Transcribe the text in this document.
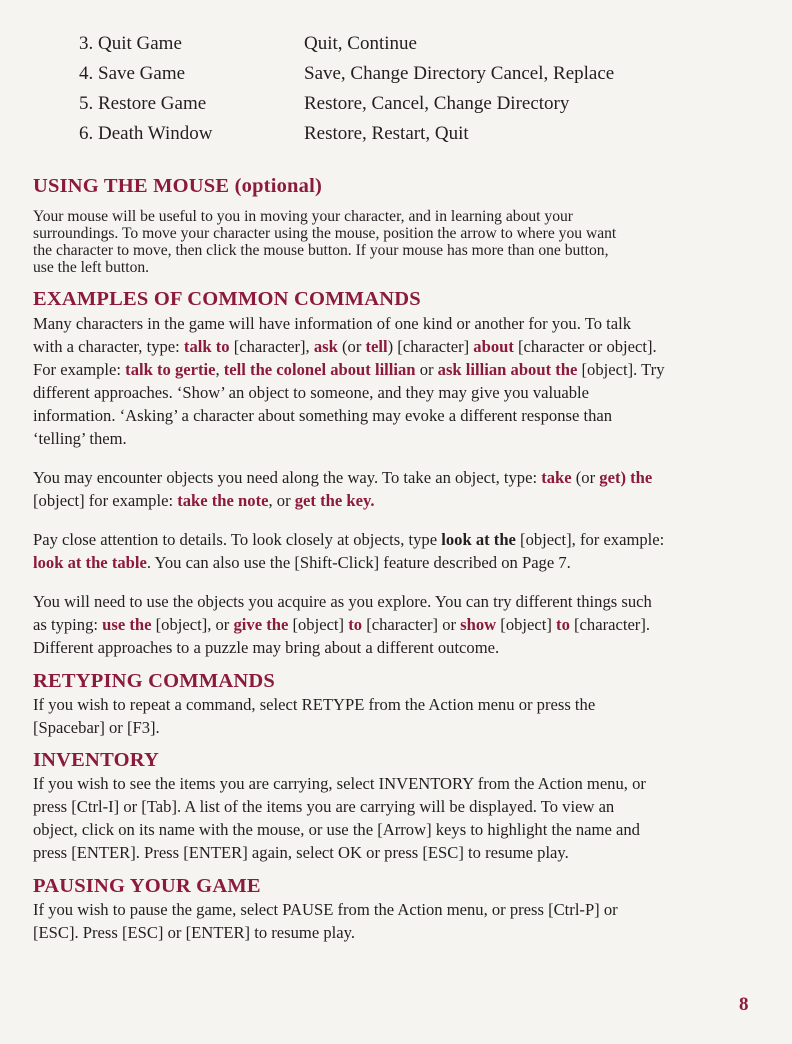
3. Quit Game	Quit, Continue
4. Save Game	Save, Change Directory Cancel, Replace
5. Restore Game	Restore, Cancel, Change Directory
6. Death Window	Restore, Restart, Quit
USING THE MOUSE (optional)

Your mouse will be useful to you in moving your character, and in learning about your
surroundings. To move your character using the mouse, position the arrow to where you want
the character to move, then click the mouse button. If your mouse has more than one button,
use the left button.

EXAMPLES OF COMMON COMMANDS

Many characters in the game will have information of one kind or another for you. To talk
with a character, type: talk to [character], ask (or tell) [character] about [character or object].
For example: talk to gertie, tell the colonel about lillian or ask lillian about the [object]. Try
different approaches. ‘Show’ an object to someone, and they may give you valuable
information. ‘Asking’ a character about something may evoke a different response than
‘telling’ them.

You may encounter objects you need along the way. To take an object, type: take (or get) the
[object] for example: take the note, or get the key.

Pay close attention to details. To look closely at objects, type look at the [object], for example:
look at the table. You can also use the [Shift-Click] feature described on Page 7.

You will need to use the objects you acquire as you explore. You can try different things such
as typing: use the [object], or give the [object] to [character] or show [object] to [character].
Different approaches to a puzzle may bring about a different outcome.

RETYPING COMMANDS

If you wish to repeat a command, select RETYPE from the Action menu or press the
[Spacebar] or [F3].

INVENTORY

If you wish to see the items you are carrying, select INVENTORY from the Action menu, or
press [Ctrl-I] or [Tab]. A list of the items you are carrying will be displayed. To view an
object, click on its name with the mouse, or use the [Arrow] keys to highlight the name and
press [ENTER]. Press [ENTER] again, select OK or press [ESC] to resume play.

PAUSING YOUR GAME

If you wish to pause the game, select PAUSE from the Action menu, or press [Ctrl-P] or
[ESC]. Press [ESC] or [ENTER] to resume play.

8
